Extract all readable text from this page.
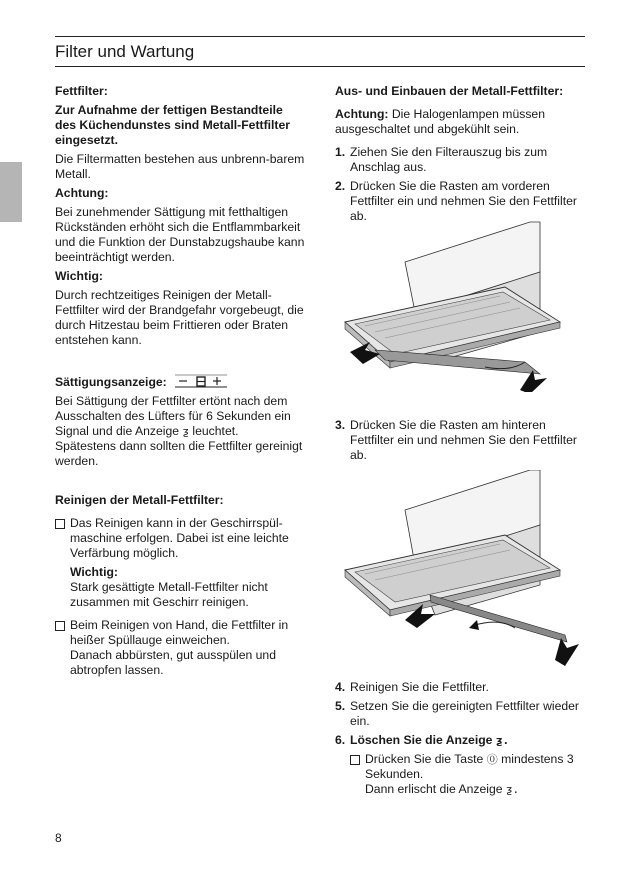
Filter und Wartung

Fettfilter:

Zur Aufnahme der fettigen Bestandteile des Küchendunstes sind Metall-Fettfilter eingesetzt.

Die Filtermatten bestehen aus unbrenn-barem Metall.

Achtung:

Bei zunehmender Sättigung mit fetthaltigen Rückständen erhöht sich die Entflammbarkeit und die Funktion der Dunstabzugshaube kann beeinträchtigt werden.

Wichtig:

Durch rechtzeitiges Reinigen der Metall-Fettfilter wird der Brandgefahr vorgebeugt, die durch Hitzestau beim Frittieren oder Braten entstehen kann.

Sättigungsanzeige:

Bei Sättigung der Fettfilter ertönt nach dem Ausschalten des Lüfters für 6 Sekunden ein Signal und die Anzeige ƺ leuchtet.

Spätestens dann sollten die Fettfilter gereinigt werden.

Reinigen der Metall-Fettfilter:

Das Reinigen kann in der Geschirrspül-maschine erfolgen. Dabei ist eine leichte Verfärbung möglich.

Wichtig:

Stark gesättigte Metall-Fettfilter nicht zusammen mit Geschirr reinigen.

Beim Reinigen von Hand, die Fettfilter in heißer Spüllauge einweichen.

Danach abbürsten, gut ausspülen und abtropfen lassen.

Aus- und Einbauen der Metall-Fettfilter:

Achtung: Die Halogenlampen müssen ausgeschaltet und abgekühlt sein.

1. Ziehen Sie den Filterauszug bis zum Anschlag aus.

2. Drücken Sie die Rasten am vorderen Fettfilter ein und nehmen Sie den Fettfilter ab.

3. Drücken Sie die Rasten am hinteren Fettfilter ein und nehmen Sie den Fettfilter ab.

4. Reinigen Sie die Fettfilter.

5. Setzen Sie die gereinigten Fettfilter wieder ein.

6. Löschen Sie die Anzeige ƺ.

Drücken Sie die Taste ⓪ mindestens 3 Sekunden.

Dann erlischt die Anzeige ƺ.

8
